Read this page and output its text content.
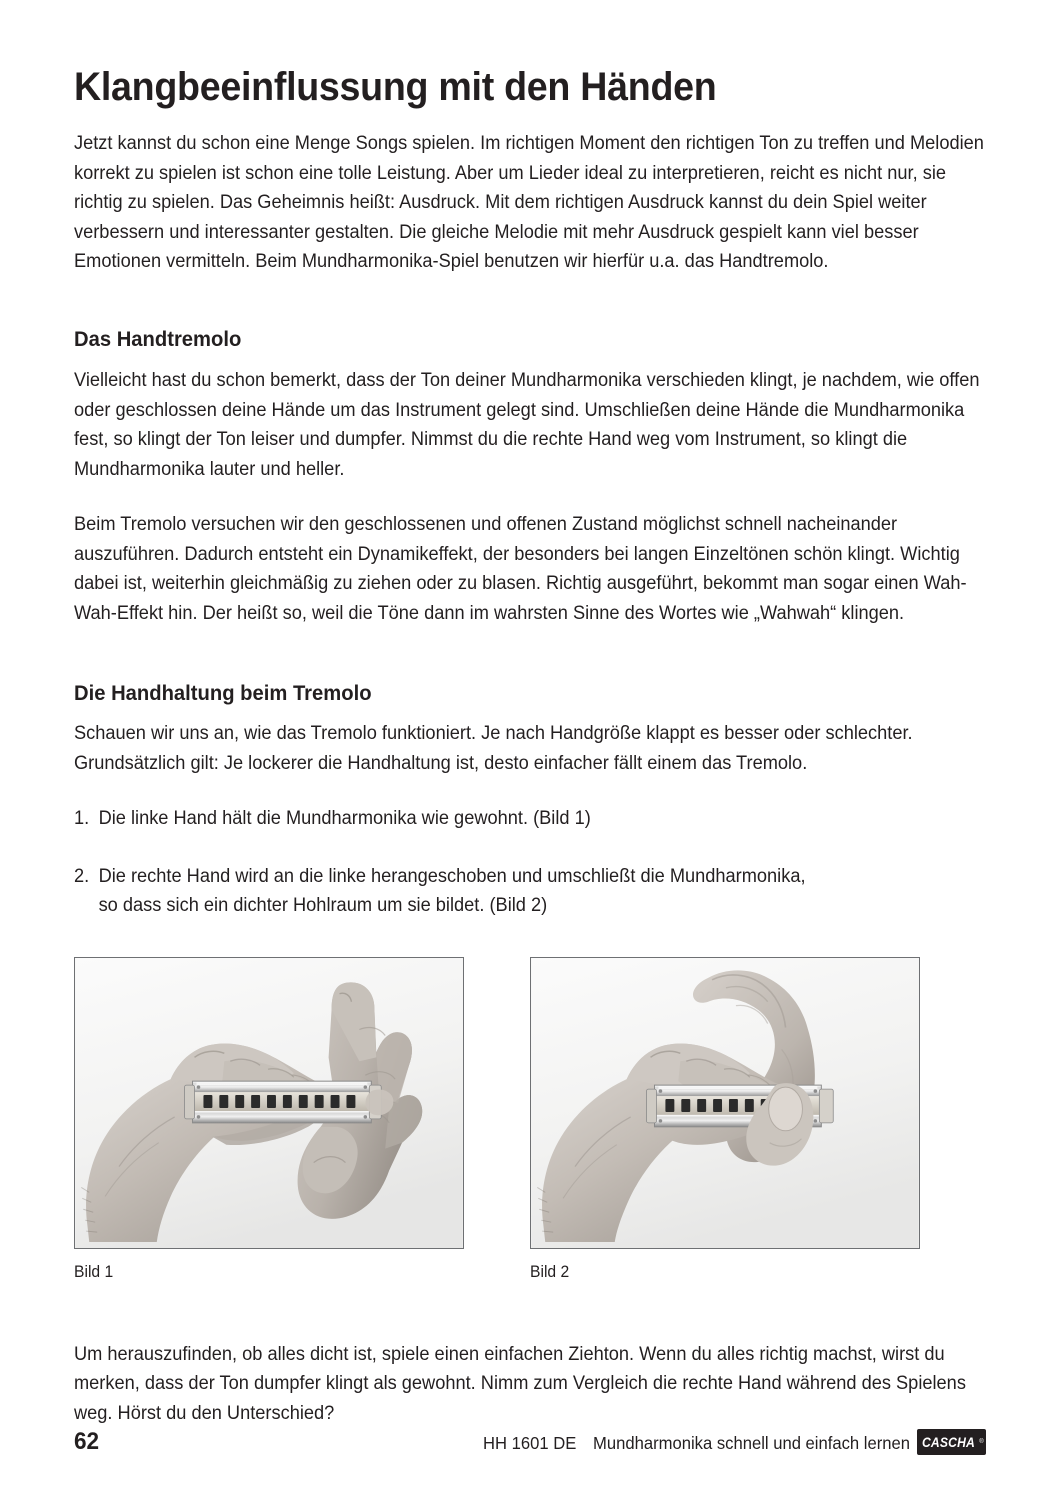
Klangbeeinflussung mit den Händen

Jetzt kannst du schon eine Menge Songs spielen. Im richtigen Moment den richtigen Ton zu treffen und Melodien korrekt zu spielen ist schon eine tolle Leistung. Aber um Lieder ideal zu interpretieren, reicht es nicht nur, sie richtig zu spielen. Das Geheimnis heißt: Ausdruck. Mit dem richtigen Ausdruck kannst du dein Spiel weiter verbessern und interessanter gestalten. Die gleiche Melodie mit mehr Ausdruck gespielt kann viel besser Emotionen vermitteln. Beim Mundharmonika-Spiel benutzen wir hierfür u.a. das Handtremolo.

Das Handtremolo

Vielleicht hast du schon bemerkt, dass der Ton deiner Mundharmonika verschieden klingt, je nachdem, wie offen oder geschlossen deine Hände um das Instrument gelegt sind. Umschließen deine Hände die Mundharmonika fest, so klingt der Ton leiser und dumpfer. Nimmst du die rechte Hand weg vom Instrument, so klingt die Mundharmonika lauter und heller.

Beim Tremolo versuchen wir den geschlossenen und offenen Zustand möglichst schnell nacheinander auszuführen. Dadurch entsteht ein Dynamikeffekt, der besonders bei langen Einzeltönen schön klingt. Wichtig dabei ist, weiterhin gleichmäßig zu ziehen oder zu blasen. Richtig ausgeführt, bekommt man sogar einen Wah-Wah-Effekt hin. Der heißt so, weil die Töne dann im wahrsten Sinne des Wortes wie „Wahwah“ klingen.

Die Handhaltung beim Tremolo

Schauen wir uns an, wie das Tremolo funktioniert. Je nach Handgröße klappt es besser oder schlechter. Grundsätzlich gilt: Je lockerer die Handhaltung ist, desto einfacher fällt einem das Tremolo.

1. Die linke Hand hält die Mundharmonika wie gewohnt. (Bild 1)
2. Die rechte Hand wird an die linke herangeschoben und umschließt die Mundharmonika,
so dass sich ein dichter Hohlraum um sie bildet. (Bild 2)
Bild 1	Bild 2

Um herauszufinden, ob alles dicht ist, spiele einen einfachen Ziehton. Wenn du alles richtig machst, wirst du merken, dass der Ton dumpfer klingt als gewohnt. Nimm zum Vergleich die rechte Hand während des Spielens weg. Hörst du den Unterschied?

62	HH 1601 DE Mundharmonika schnell und einfach lernen CASCHA ®
